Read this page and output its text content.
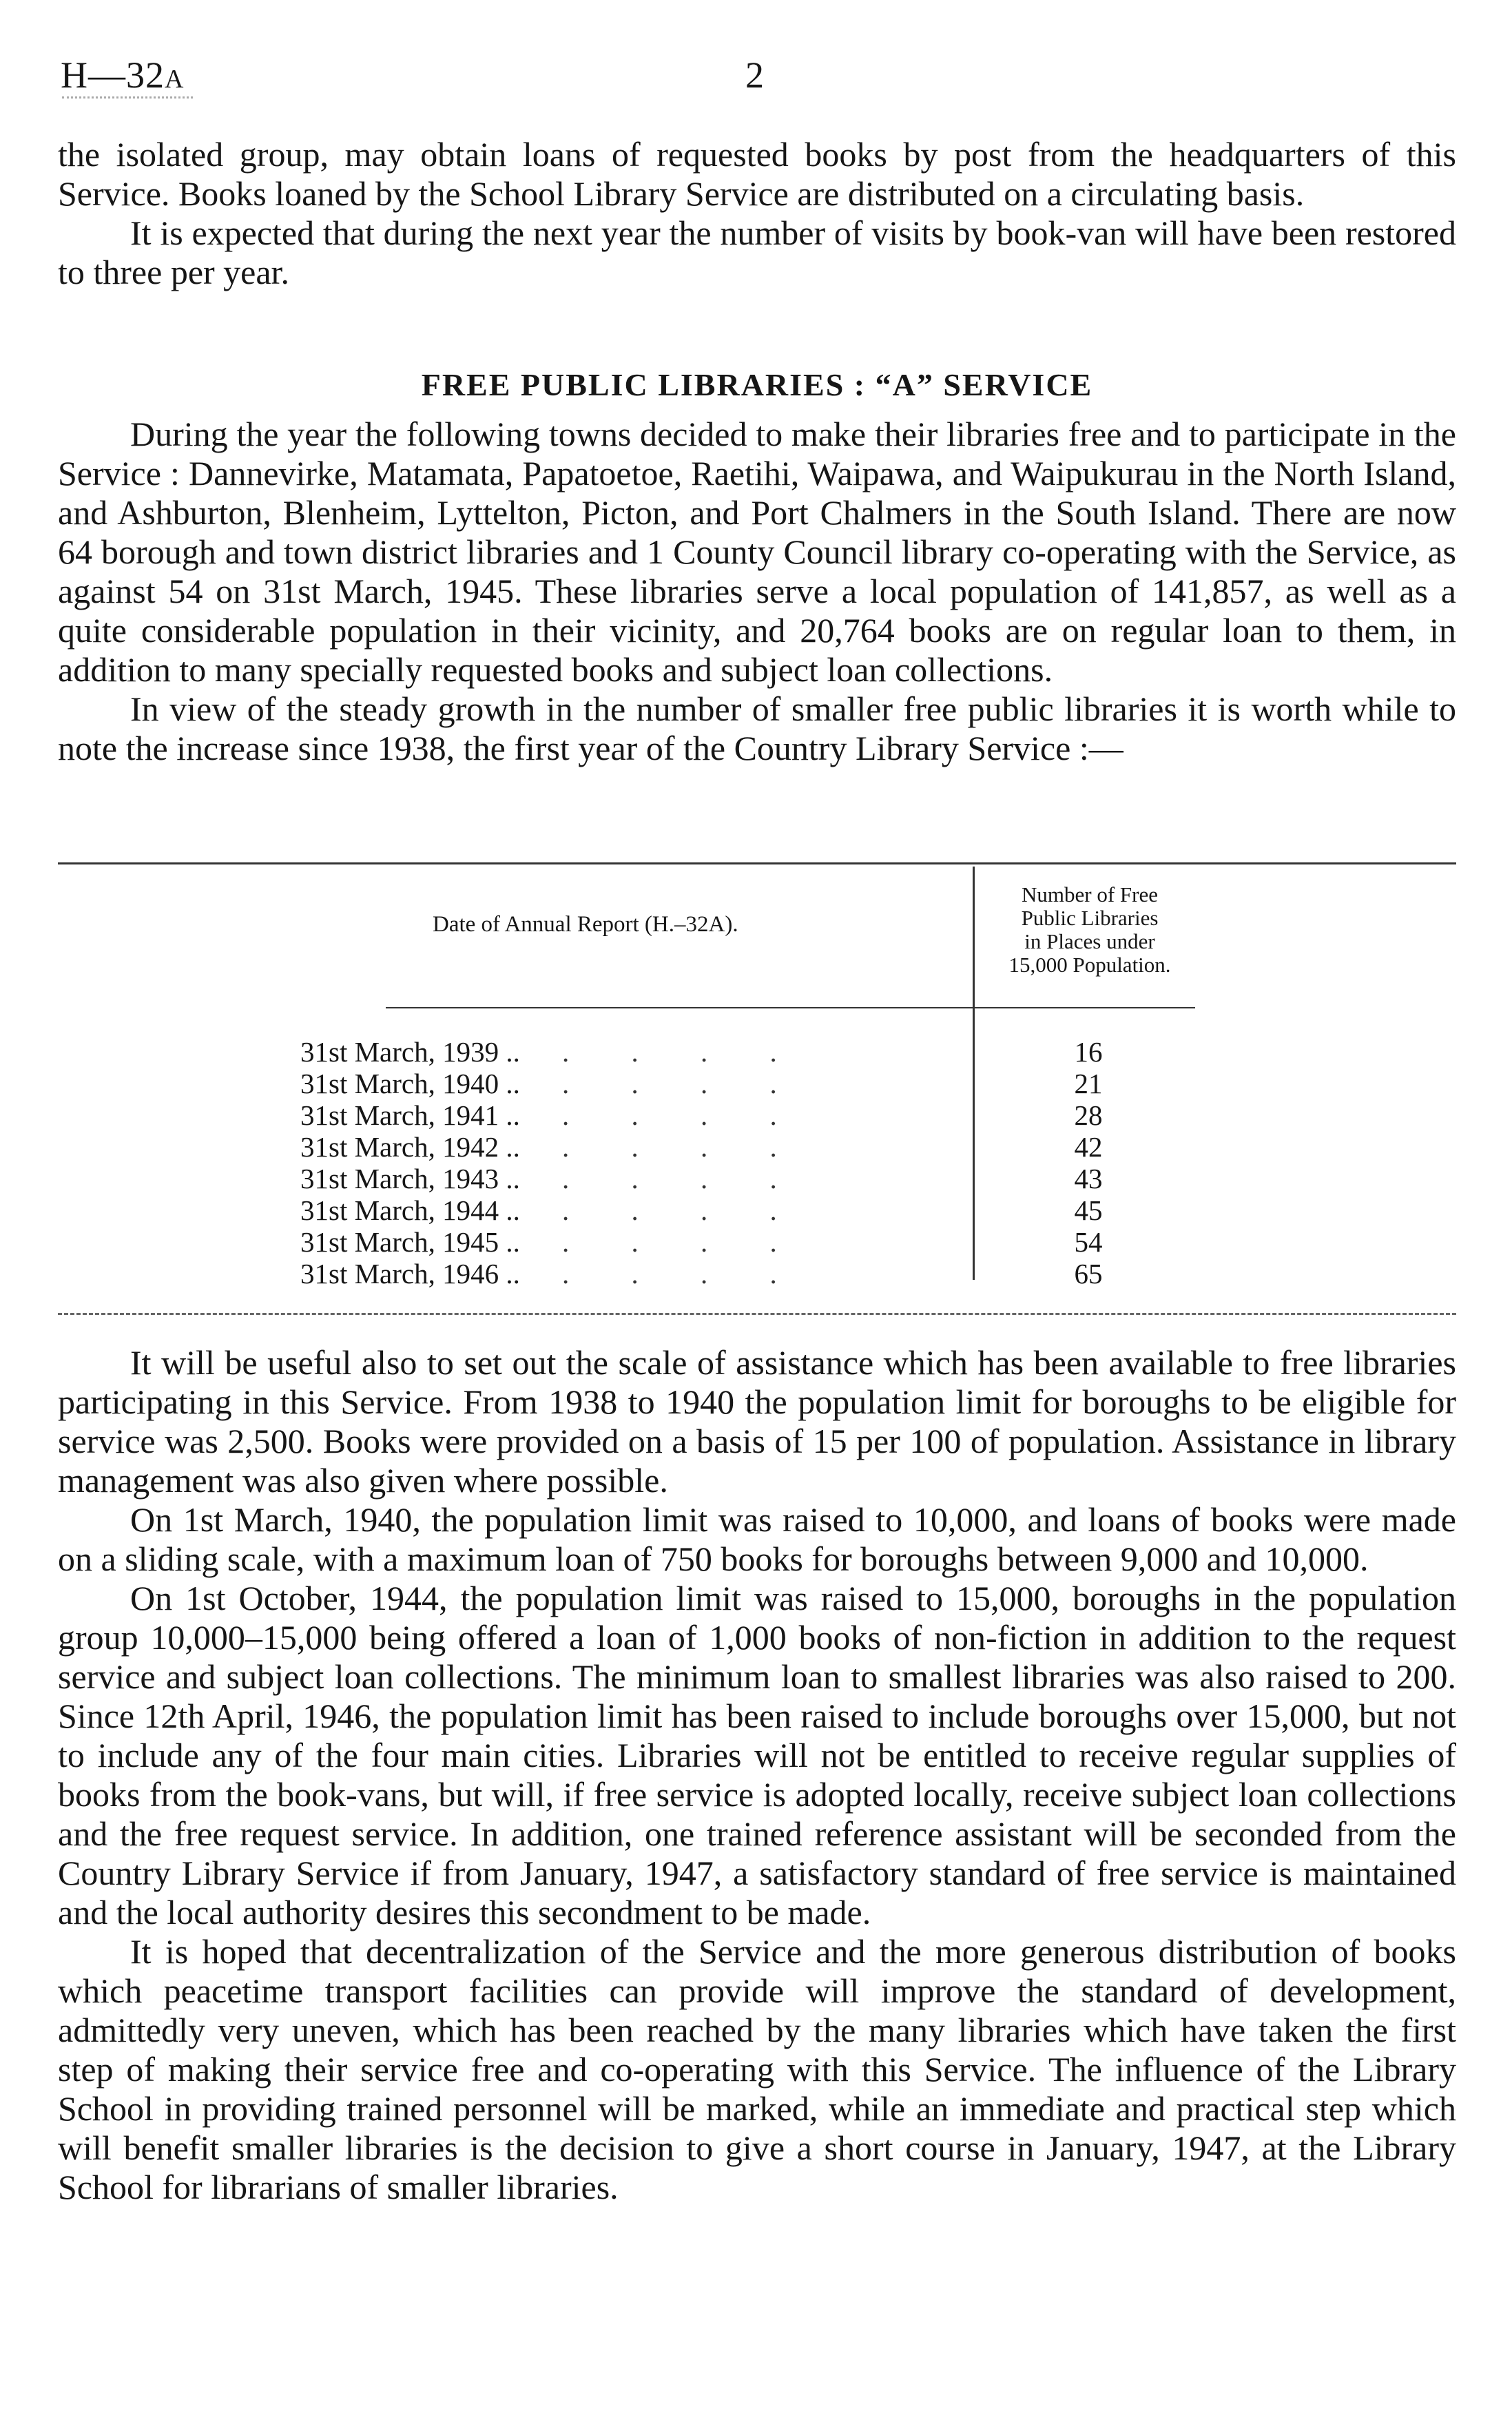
H—32A	2

the isolated group, may obtain loans of requested books by post from the headquarters of this Service. Books loaned by the School Library Service are distributed on a circulating basis.

It is expected that during the next year the number of visits by book-van will have been restored to three per year.

FREE PUBLIC LIBRARIES : “A” SERVICE

During the year the following towns decided to make their libraries free and to participate in the Service : Dannevirke, Matamata, Papatoetoe, Raetihi, Waipawa, and Waipukurau in the North Island, and Ashburton, Blenheim, Lyttelton, Picton, and Port Chalmers in the South Island. There are now 64 borough and town district libraries and 1 County Council library co-operating with the Service, as against 54 on 31st March, 1945. These libraries serve a local population of 141,857, as well as a quite considerable population in their vicinity, and 20,764 books are on regular loan to them, in addition to many specially requested books and subject loan collections.

In view of the steady growth in the number of smaller free public libraries it is worth while to note the increase since 1938, the first year of the Country Library Service :—

Date of Annual Report (H.–32A).
Number of Free
Public Libraries
in Places under
15,000 Population.
31st March, 1939 .. . . . .	16
31st March, 1940 .. . . . .	21
31st March, 1941 .. . . . .	28
31st March, 1942 .. . . . .	42
31st March, 1943 .. . . . .	43
31st March, 1944 .. . . . .	45
31st March, 1945 .. . . . .	54
31st March, 1946 .. . . . .	65

It will be useful also to set out the scale of assistance which has been available to free libraries participating in this Service. From 1938 to 1940 the population limit for boroughs to be eligible for service was 2,500. Books were provided on a basis of 15 per 100 of population. Assistance in library management was also given where possible.

On 1st March, 1940, the population limit was raised to 10,000, and loans of books were made on a sliding scale, with a maximum loan of 750 books for boroughs between 9,000 and 10,000.

On 1st October, 1944, the population limit was raised to 15,000, boroughs in the population group 10,000–15,000 being offered a loan of 1,000 books of non-fiction in addition to the request service and subject loan collections. The minimum loan to smallest libraries was also raised to 200. Since 12th April, 1946, the population limit has been raised to include boroughs over 15,000, but not to include any of the four main cities. Libraries will not be entitled to receive regular supplies of books from the book-vans, but will, if free service is adopted locally, receive subject loan collections and the free request service. In addition, one trained reference assistant will be seconded from the Country Library Service if from January, 1947, a satisfactory standard of free service is maintained and the local authority desires this secondment to be made.

It is hoped that decentralization of the Service and the more generous distribution of books which peacetime transport facilities can provide will improve the standard of development, admittedly very uneven, which has been reached by the many libraries which have taken the first step of making their service free and co-operating with this Service. The influence of the Library School in providing trained personnel will be marked, while an immediate and practical step which will benefit smaller libraries is the decision to give a short course in January, 1947, at the Library School for librarians of smaller libraries.
